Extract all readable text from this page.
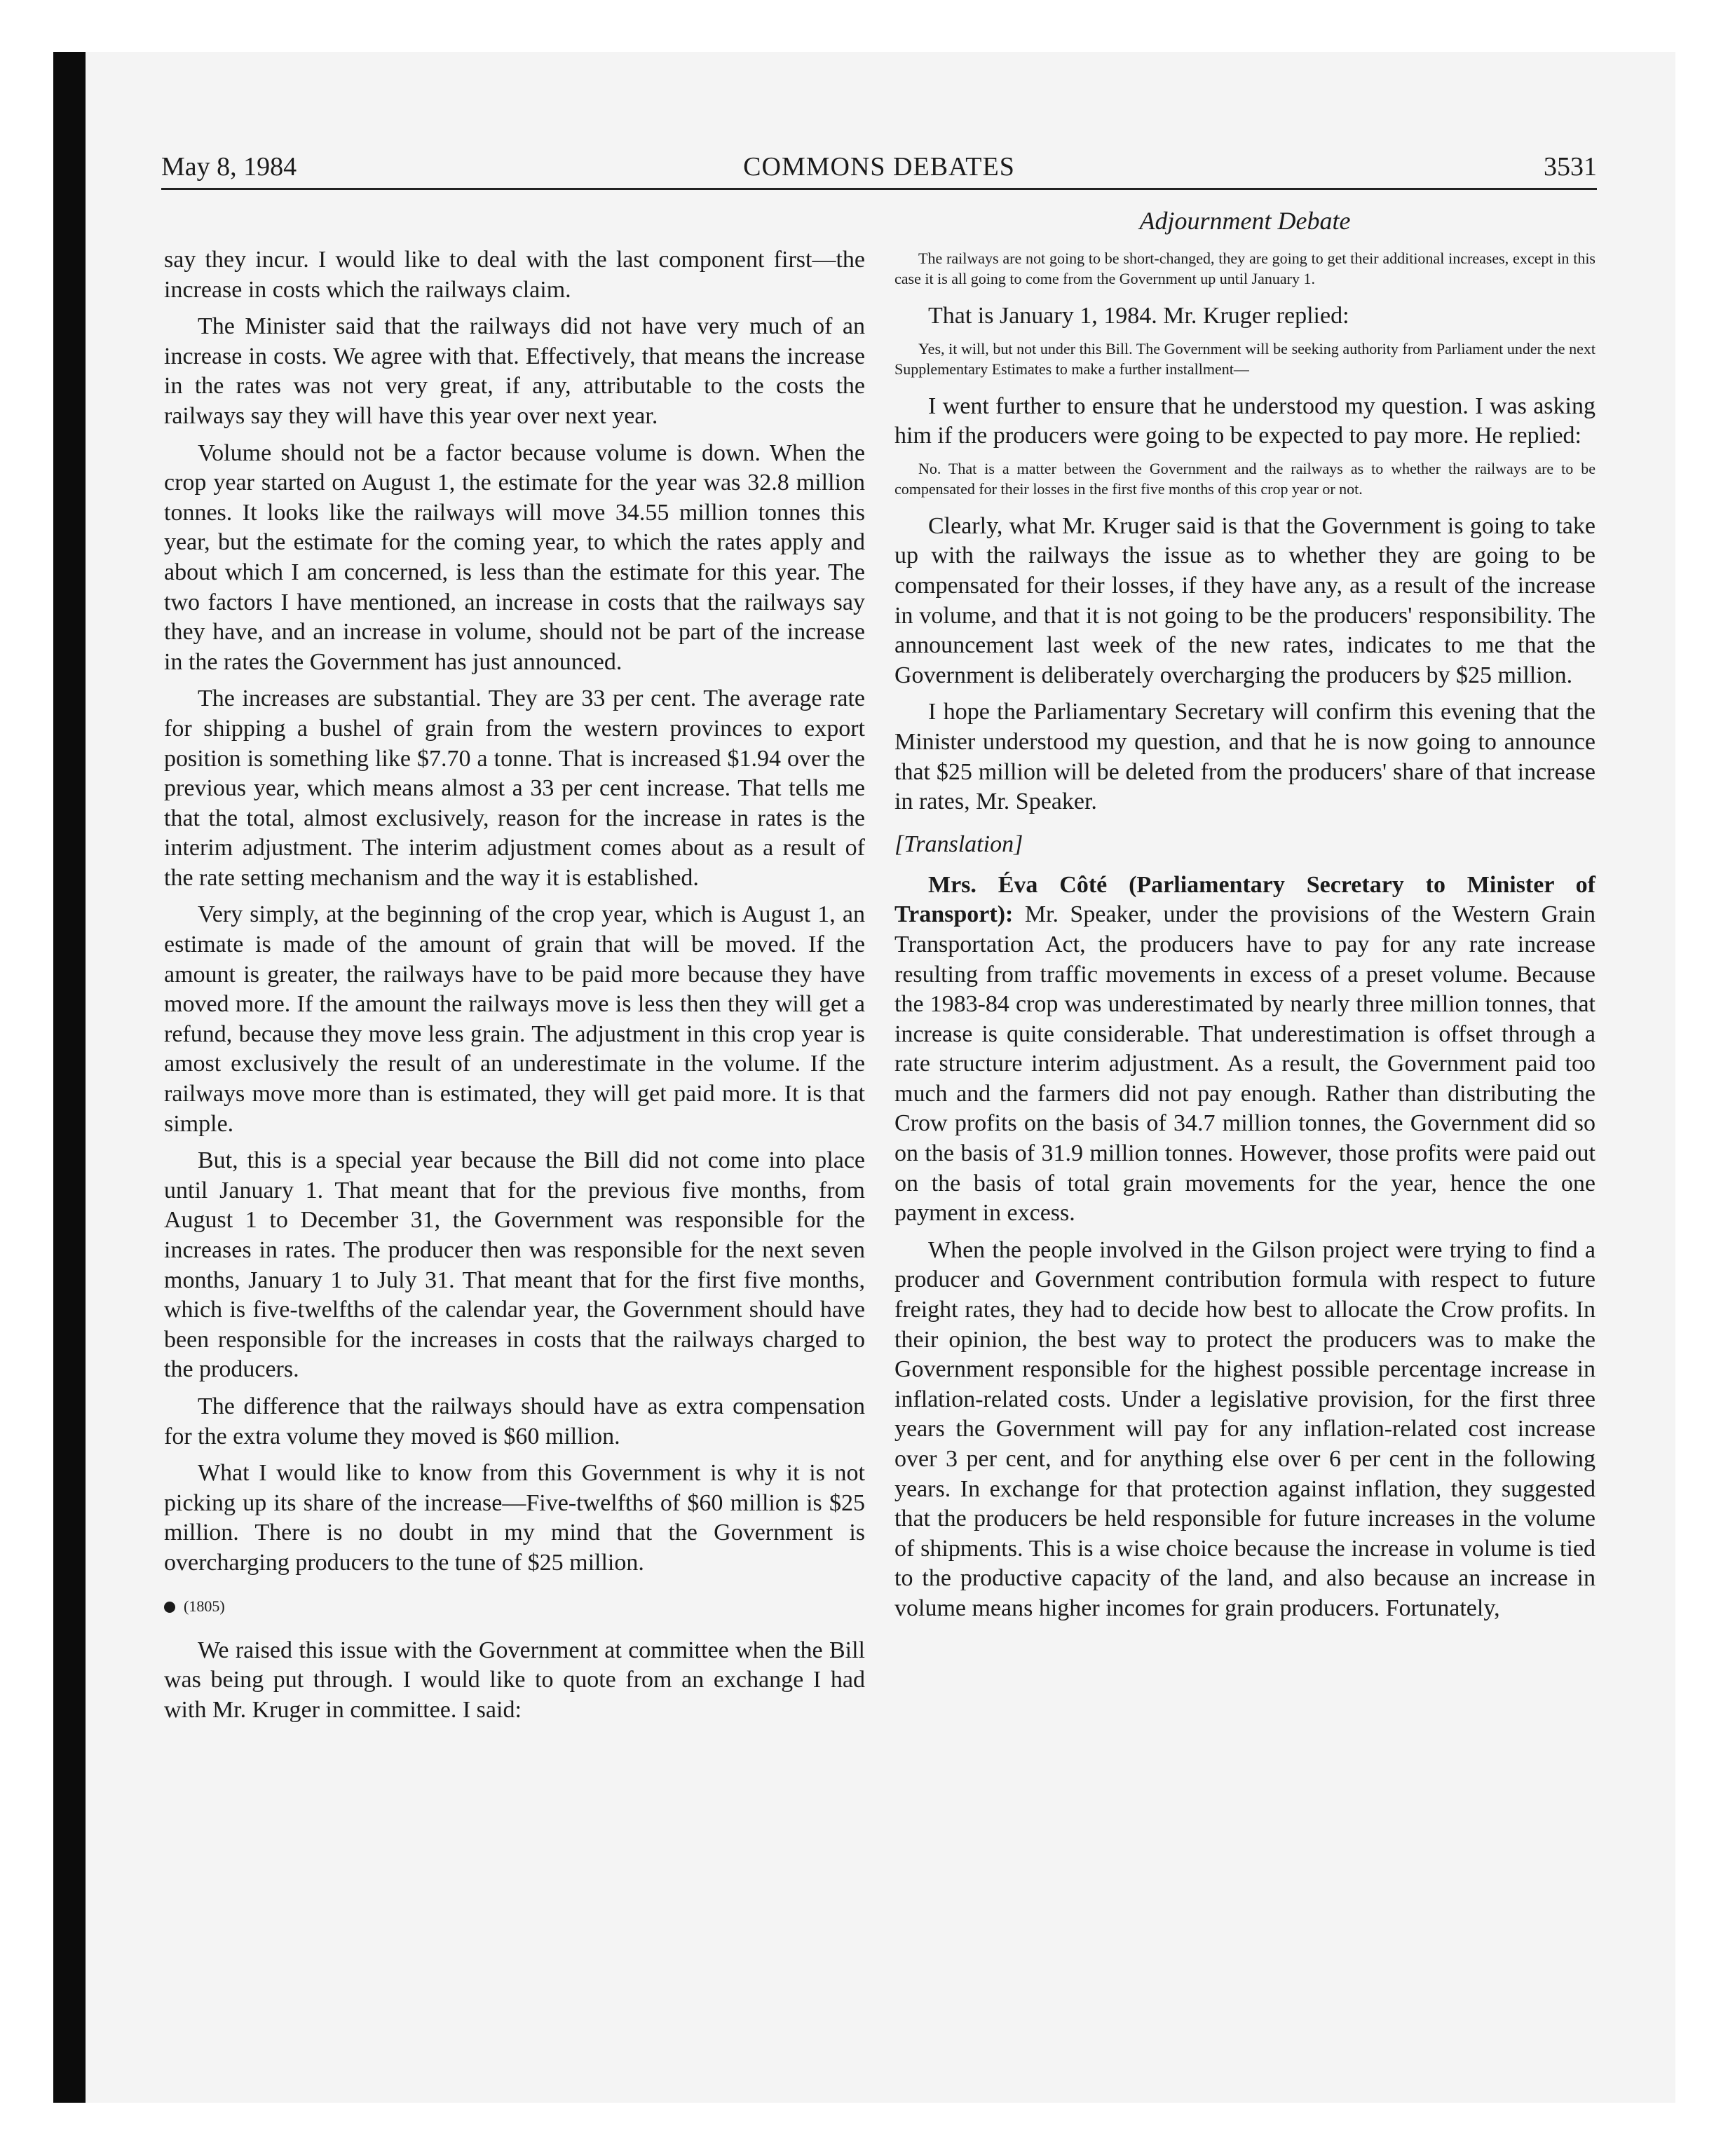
May 8, 1984	COMMONS DEBATES	3531

say they incur. I would like to deal with the last component first—the increase in costs which the railways claim.

The Minister said that the railways did not have very much of an increase in costs. We agree with that. Effectively, that means the increase in the rates was not very great, if any, attributable to the costs the railways say they will have this year over next year.

Volume should not be a factor because volume is down. When the crop year started on August 1, the estimate for the year was 32.8 million tonnes. It looks like the railways will move 34.55 million tonnes this year, but the estimate for the coming year, to which the rates apply and about which I am concerned, is less than the estimate for this year. The two factors I have mentioned, an increase in costs that the railways say they have, and an increase in volume, should not be part of the increase in the rates the Government has just announced.

The increases are substantial. They are 33 per cent. The average rate for shipping a bushel of grain from the western provinces to export position is something like $7.70 a tonne. That is increased $1.94 over the previous year, which means almost a 33 per cent increase. That tells me that the total, almost exclusively, reason for the increase in rates is the interim adjustment. The interim adjustment comes about as a result of the rate setting mechanism and the way it is established.

Very simply, at the beginning of the crop year, which is August 1, an estimate is made of the amount of grain that will be moved. If the amount is greater, the railways have to be paid more because they have moved more. If the amount the railways move is less then they will get a refund, because they move less grain. The adjustment in this crop year is amost exclusively the result of an underestimate in the volume. If the railways move more than is estimated, they will get paid more. It is that simple.

But, this is a special year because the Bill did not come into place until January 1. That meant that for the previous five months, from August 1 to December 31, the Government was responsible for the increases in rates. The producer then was responsible for the next seven months, January 1 to July 31. That meant that for the first five months, which is five-twelfths of the calendar year, the Government should have been responsible for the increases in costs that the railways charged to the producers.

The difference that the railways should have as extra compensation for the extra volume they moved is $60 million.

What I would like to know from this Government is why it is not picking up its share of the increase—Five-twelfths of $60 million is $25 million. There is no doubt in my mind that the Government is overcharging producers to the tune of $25 million.

(1805)

We raised this issue with the Government at committee when the Bill was being put through. I would like to quote from an exchange I had with Mr. Kruger in committee. I said:

Adjournment Debate

The railways are not going to be short-changed, they are going to get their additional increases, except in this case it is all going to come from the Government up until January 1.

That is January 1, 1984. Mr. Kruger replied:

Yes, it will, but not under this Bill. The Government will be seeking authority from Parliament under the next Supplementary Estimates to make a further installment—

I went further to ensure that he understood my question. I was asking him if the producers were going to be expected to pay more. He replied:

No. That is a matter between the Government and the railways as to whether the railways are to be compensated for their losses in the first five months of this crop year or not.

Clearly, what Mr. Kruger said is that the Government is going to take up with the railways the issue as to whether they are going to be compensated for their losses, if they have any, as a result of the increase in volume, and that it is not going to be the producers' responsibility. The announcement last week of the new rates, indicates to me that the Government is deliberately overcharging the producers by $25 million.

I hope the Parliamentary Secretary will confirm this evening that the Minister understood my question, and that he is now going to announce that $25 million will be deleted from the producers' share of that increase in rates, Mr. Speaker.

[Translation]

Mrs. Éva Côté (Parliamentary Secretary to Minister of Transport): Mr. Speaker, under the provisions of the Western Grain Transportation Act, the producers have to pay for any rate increase resulting from traffic movements in excess of a preset volume. Because the 1983-84 crop was underestimated by nearly three million tonnes, that increase is quite considerable. That underestimation is offset through a rate structure interim adjustment. As a result, the Government paid too much and the farmers did not pay enough. Rather than distributing the Crow profits on the basis of 34.7 million tonnes, the Government did so on the basis of 31.9 million tonnes. However, those profits were paid out on the basis of total grain movements for the year, hence the one payment in excess.

When the people involved in the Gilson project were trying to find a producer and Government contribution formula with respect to future freight rates, they had to decide how best to allocate the Crow profits. In their opinion, the best way to protect the producers was to make the Government responsible for the highest possible percentage increase in inflation-related costs. Under a legislative provision, for the first three years the Government will pay for any inflation-related cost increase over 3 per cent, and for anything else over 6 per cent in the following years. In exchange for that protection against inflation, they suggested that the producers be held responsible for future increases in the volume of shipments. This is a wise choice because the increase in volume is tied to the productive capacity of the land, and also because an increase in volume means higher incomes for grain producers. Fortunately,
